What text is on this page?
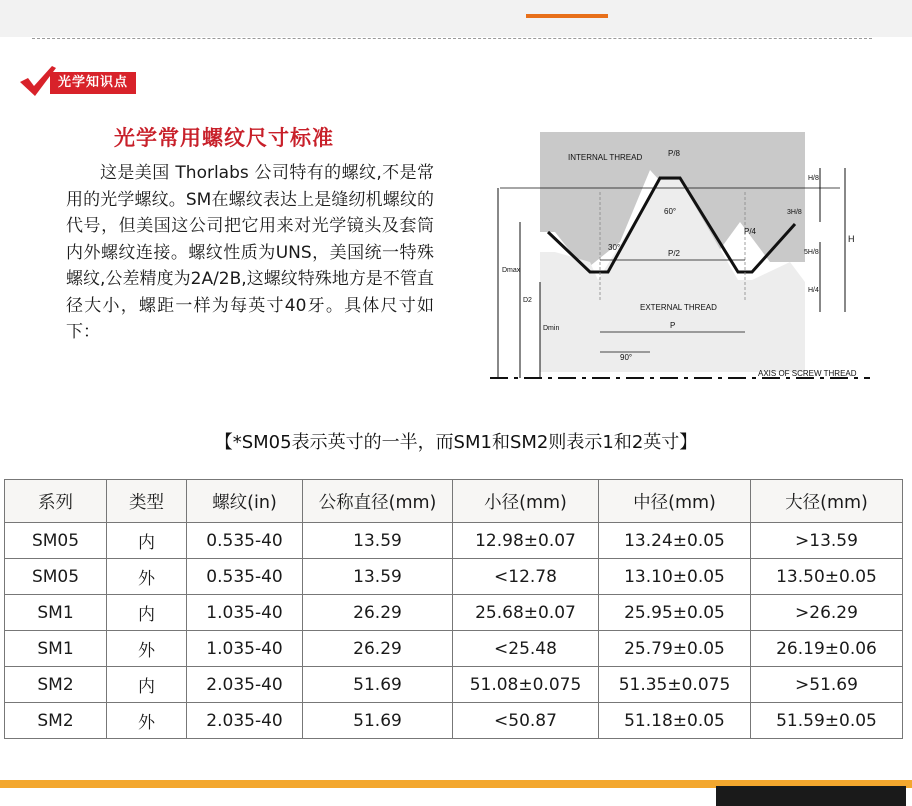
光学知识点
光学常用螺纹尺寸标准
这是美国 Thorlabs 公司特有的螺纹,不是常用的光学螺纹。SM在螺纹表达上是缝纫机螺纹的代号，但美国这公司把它用来对光学镜头及套筒内外螺纹连接。螺纹性质为UNS，美国统一特殊螺纹,公差精度为2A/2B,这螺纹特殊地方是不管直径大小，螺距一样为每英寸40牙。具体尺寸如下：
INTERNAL THREAD
EXTERNAL THREAD
AXIS OF SCREW THREAD
P/8
60°
30°
90°
P/2
P/4
P
H/8
3H/8
5H/8
H/4
H
Dmax
D2
Dmin
【*SM05表示英寸的一半，而SM1和SM2则表示1和2英寸】
系列	类型	螺纹(in)	公称直径(mm)	小径(mm)	中径(mm)	大径(mm)
SM05	内	0.535-40	13.59	12.98±0.07	13.24±0.05	>13.59
SM05	外	0.535-40	13.59	<12.78	13.10±0.05	13.50±0.05
SM1	内	1.035-40	26.29	25.68±0.07	25.95±0.05	>26.29
SM1	外	1.035-40	26.29	<25.48	25.79±0.05	26.19±0.06
SM2	内	2.035-40	51.69	51.08±0.075	51.35±0.075	>51.69
SM2	外	2.035-40	51.69	<50.87	51.18±0.05	51.59±0.05
